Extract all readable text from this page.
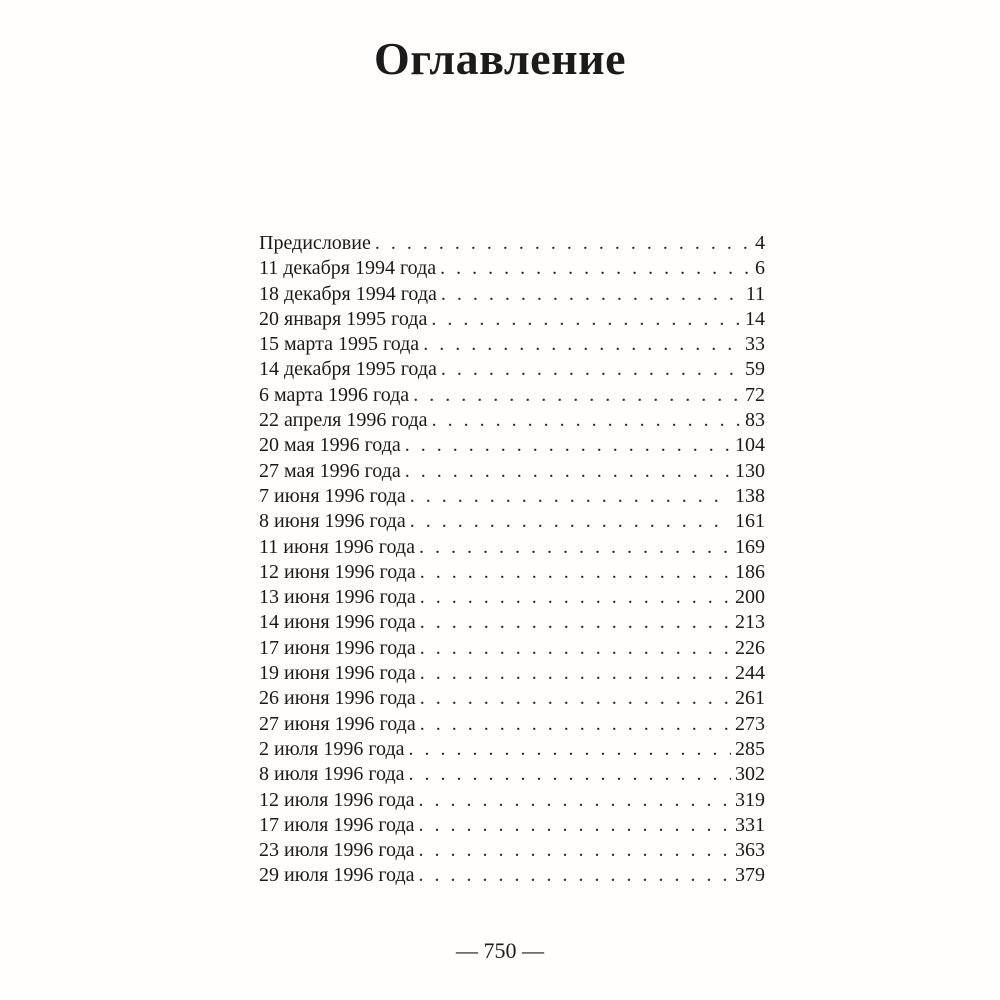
Оглавление
Предисловие . . .	4
11 декабря 1994 года . . .	6
18 декабря 1994 года . . .	11
20 января 1995 года . . .	14
15 марта 1995 года . . .	33
14 декабря 1995 года . . .	59
6 марта 1996 года . . .	72
22 апреля 1996 года . . .	83
20 мая 1996 года . . .	104
27 мая 1996 года . . .	130
7 июня 1996 года . . .	138
8 июня 1996 года . . .	161
11 июня 1996 года . . .	169
12 июня 1996 года . . .	186
13 июня 1996 года . . .	200
14 июня 1996 года . . .	213
17 июня 1996 года . . .	226
19 июня 1996 года . . .	244
26 июня 1996 года . . .	261
27 июня 1996 года . . .	273
2 июля 1996 года . . .	285
8 июля 1996 года . . .	302
12 июля 1996 года . . .	319
17 июля 1996 года . . .	331
23 июля 1996 года . . .	363
29 июля 1996 года . . .	379
— 750 —
